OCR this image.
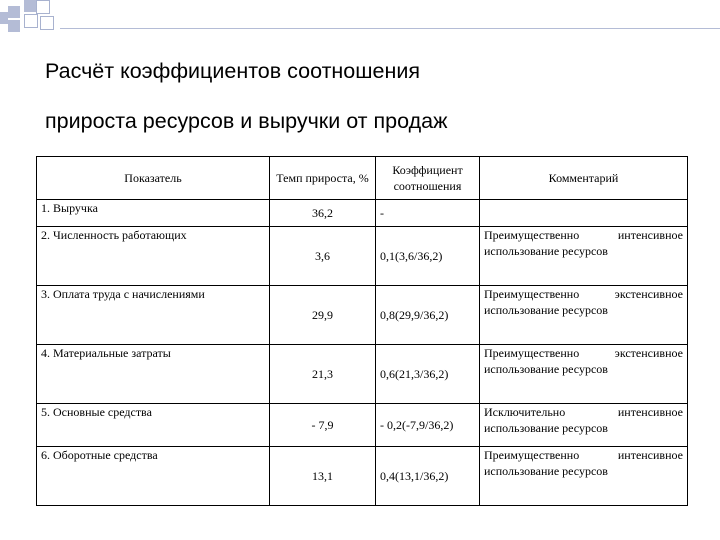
Расчёт коэффициентов соотношения
прироста ресурсов и выручки от продаж
Показатель	Темп прироста, %	Коэффициент соотношения	Комментарий
1. Выручка	36,2	-	
2. Численность работающих	3,6	0,1(3,6/36,2)	Преимущественно интенсивное использование ресурсов
3. Оплата труда с начислениями	29,9	0,8(29,9/36,2)	Преимущественно экстенсивное использование ресурсов
4. Материальные затраты	21,3	0,6(21,3/36,2)	Преимущественно экстенсивное использование ресурсов
5. Основные средства	- 7,9	- 0,2(-7,9/36,2)	Исключительно интенсивное использование ресурсов
6. Оборотные средства	13,1	0,4(13,1/36,2)	Преимущественно интенсивное использование ресурсов
